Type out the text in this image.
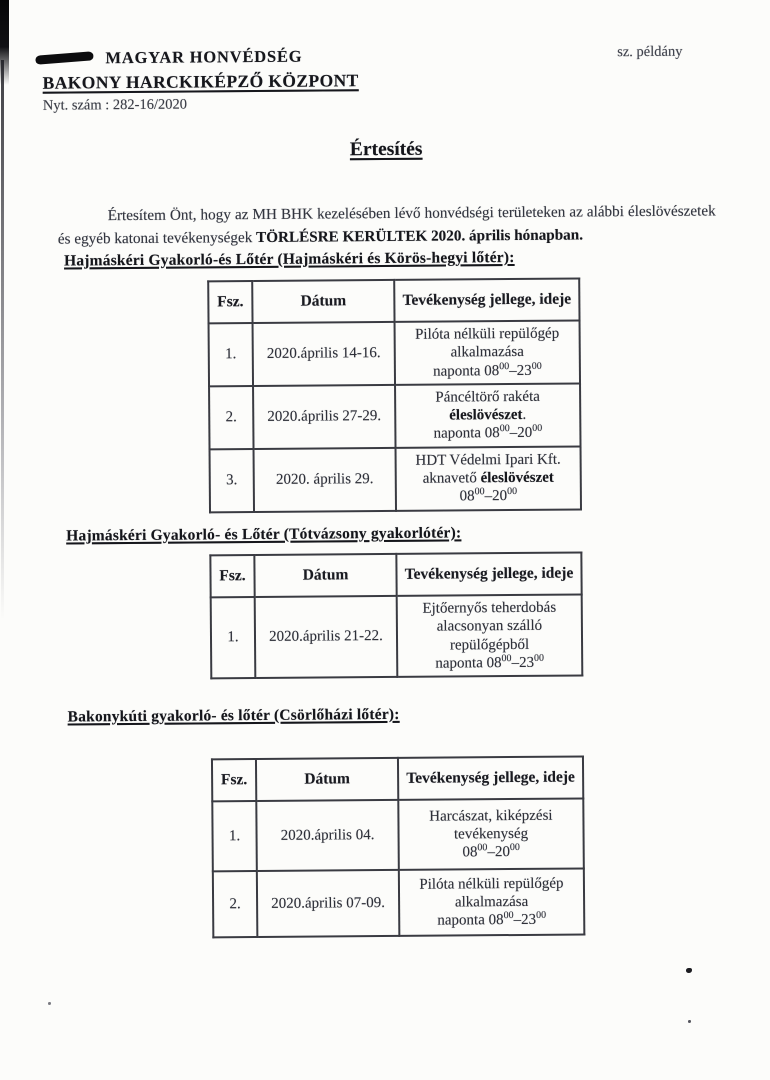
MAGYAR HONVÉDSÉG
BAKONY HARCKIKÉPZŐ KÖZPONT
Nyt. szám : 282-16/2020
sz. példány
Értesítés

Értesítem Önt, hogy az MH BHK kezelésében lévő honvédségi területeken az alábbi éleslövészetek és egyéb katonai tevékenységek TÖRLÉSRE KERÜLTEK 2020. április hónapban.

Hajmáskéri Gyakorló-és Lőtér (Hajmáskéri és Körös-hegyi lőtér):
Fsz.	Dátum	Tevékenység jellege, ideje
1.	2020.április 14-16.	Pilóta nélküli repülőgép
alkalmazása
naponta $08^{00}-23^{00}$

2.	2020.április 27-29.	Páncéltörő rakéta
éleslövészet.
naponta $08^{00}-20^{00}$

3.	2020. április 29.	HDT Védelmi Ipari Kft.
aknavető éleslövészet
$08^{00}-20^{00}$
Hajmáskéri Gyakorló- és Lőtér (Tótvázsony gyakorlótér):
Fsz.	Dátum	Tevékenység jellege, ideje
1.	2020.április 21-22.	Ejtőernyős teherdobás
alacsonyan szálló
repülőgépből
naponta $08^{00}-23^{00}$
Bakonykúti gyakorló- és lőtér (Csörlőházi lőtér):
Fsz.	Dátum	Tevékenység jellege, ideje
1.	2020.április 04.	Harcászat, kiképzési
tevékenység
$08^{00}-20^{00}$

2.	2020.április 07-09.	Pilóta nélküli repülőgép
alkalmazása
naponta $08^{00}-23^{00}$
